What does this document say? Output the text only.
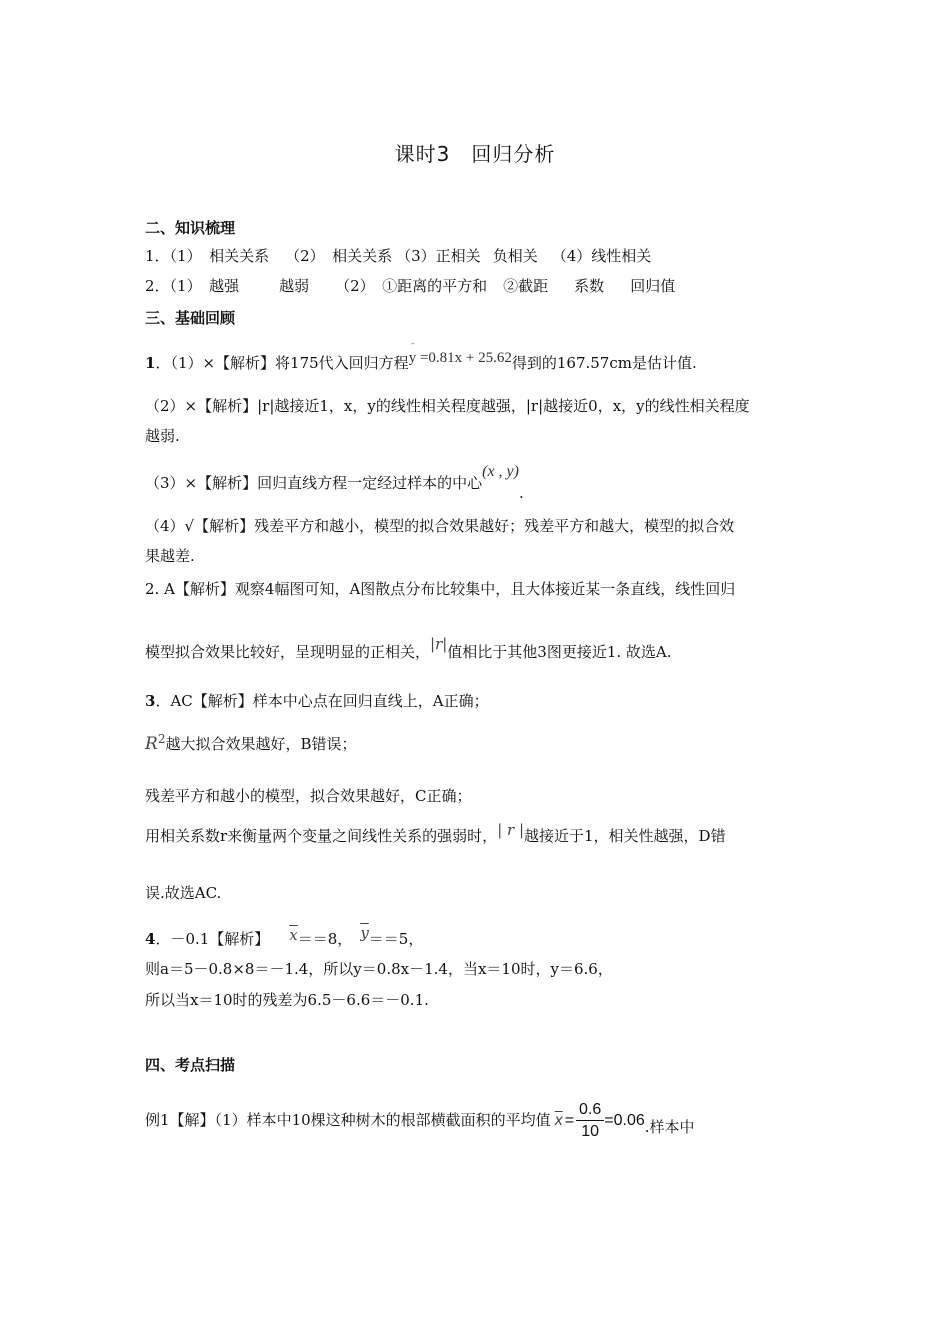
课时3　回归分析
二、知识梳理
1．（1）　相关关系 （2）　相关关系 （3）正相关 负相关 （4）线性相关
2．（1）　越强	越弱 （2）　①距离的平方和 ②截距 系数 回归值
三、基础回顾
1．（1）×【解析】将175代入回归方程
ˆ
y =0.81x + 25.62得到的167.57cm是估计值.
（2）×【解析】|r|越接近1，x，y的线性相关程度越强，|r|越接近0，x，y的线性相关程度
越弱.
（3）×【解析】回归直线方程一定经过样本的中心(x , y).
（4）√【解析】残差平方和越小，模型的拟合效果越好；残差平方和越大，模型的拟合效
果越差.
2. A【解析】观察4幅图可知，A图散点分布比较集中，且大体接近某一条直线，线性回归
模型拟合效果比较好，呈现明显的正相关，|r|值相比于其他3图更接近1. 故选A.
3．AC【解析】样本中心点在回归直线上，A正确；
$R^2$越大拟合效果越好，B错误；
残差平方和越小的模型，拟合效果越好，C正确；
用相关系数r来衡量两个变量之间线性关系的强弱时，| r |越接近于1，相关性越强，D错
误.故选AC.
4．－0.1【解析】 $\overline{x}==8$， $\overline{y}==5$，
则a＝5－0.8×8＝－1.4，所以y＝0.8x－1.4，当x＝10时，y＝6.6，
所以当x＝10时的残差为6.5－6.6＝－0.1.
四、考点扫描
例1【解】（1）样本中10棵这种树木的根部横截面积的平均值 $\overline{x} = \frac{0.6}{10} =0.06$.样本中
